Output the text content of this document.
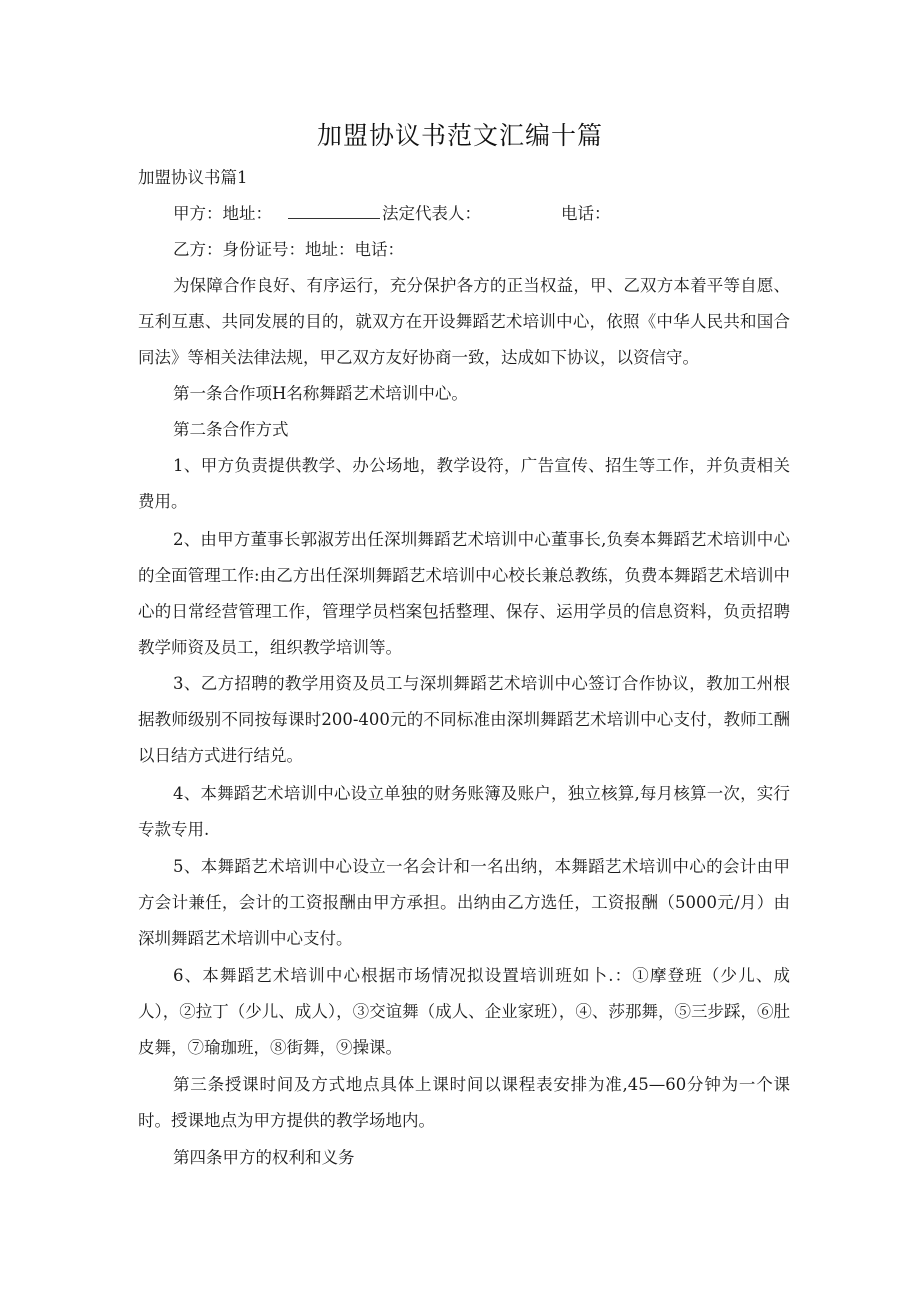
加盟协议书范文汇编十篇
加盟协议书篇1
甲方：地址：	法定代表人：	电话：
乙方：身份证号：地址：电话：
为保障合作良好、有序运行，充分保护各方的正当权益，甲、乙双方本着平等自愿、互利互惠、共同发展的目的，就双方在开设舞蹈艺术培训中心，依照《中华人民共和国合同法》等相关法律法规，甲乙双方友好协商一致，达成如下协议，以资信守。
第一条合作项H名称舞蹈艺术培训中心。
第二条合作方式
1、甲方负责提供教学、办公场地，教学设符，广告宣传、招生等工作，并负责相关费用。
2、由甲方董事长郭淑芳出任深圳舞蹈艺术培训中心董事长,负奏本舞蹈艺术培训中心的全面管理工作:由乙方出任深圳舞蹈艺术培训中心校长兼总教练，负费本舞蹈艺术培训中心的日常经营管理工作，管理学员档案包括整理、保存、运用学员的信息资料，负贡招聘教学师资及员工，组织教学培训等。
3、乙方招聘的教学用资及员工与深圳舞蹈艺术培训中心签订合作协议，教加工州根据教师级别不同按每课时200-400元的不同标准由深圳舞蹈艺术培训中心支付，教师工酬以日结方式进行结兑。
4、本舞蹈艺术培训中心设立单独的财务账簿及账户，独立核算,每月核算一次，实行专款专用.
5、本舞蹈艺术培训中心设立一名会计和一名出纳，本舞蹈艺术培训中心的会计由甲方会计兼任，会计的工资报酬由甲方承担。出纳由乙方选任，工资报酬（5000元/月）由深圳舞蹈艺术培训中心支付。
6、本舞蹈艺术培训中心根据市场情况拟设置培训班如卜.：①摩登班（少儿、成人），②拉丁（少儿、成人），③交谊舞（成人、企业家班），④、莎那舞，⑤三步踩，⑥肚皮舞，⑦瑜珈班，⑧街舞，⑨操课。
第三条授课时间及方式地点具体上课时间以课程表安排为准,45—60分钟为一个课时。授课地点为甲方提供的教学场地内。
第四条甲方的权利和义务
